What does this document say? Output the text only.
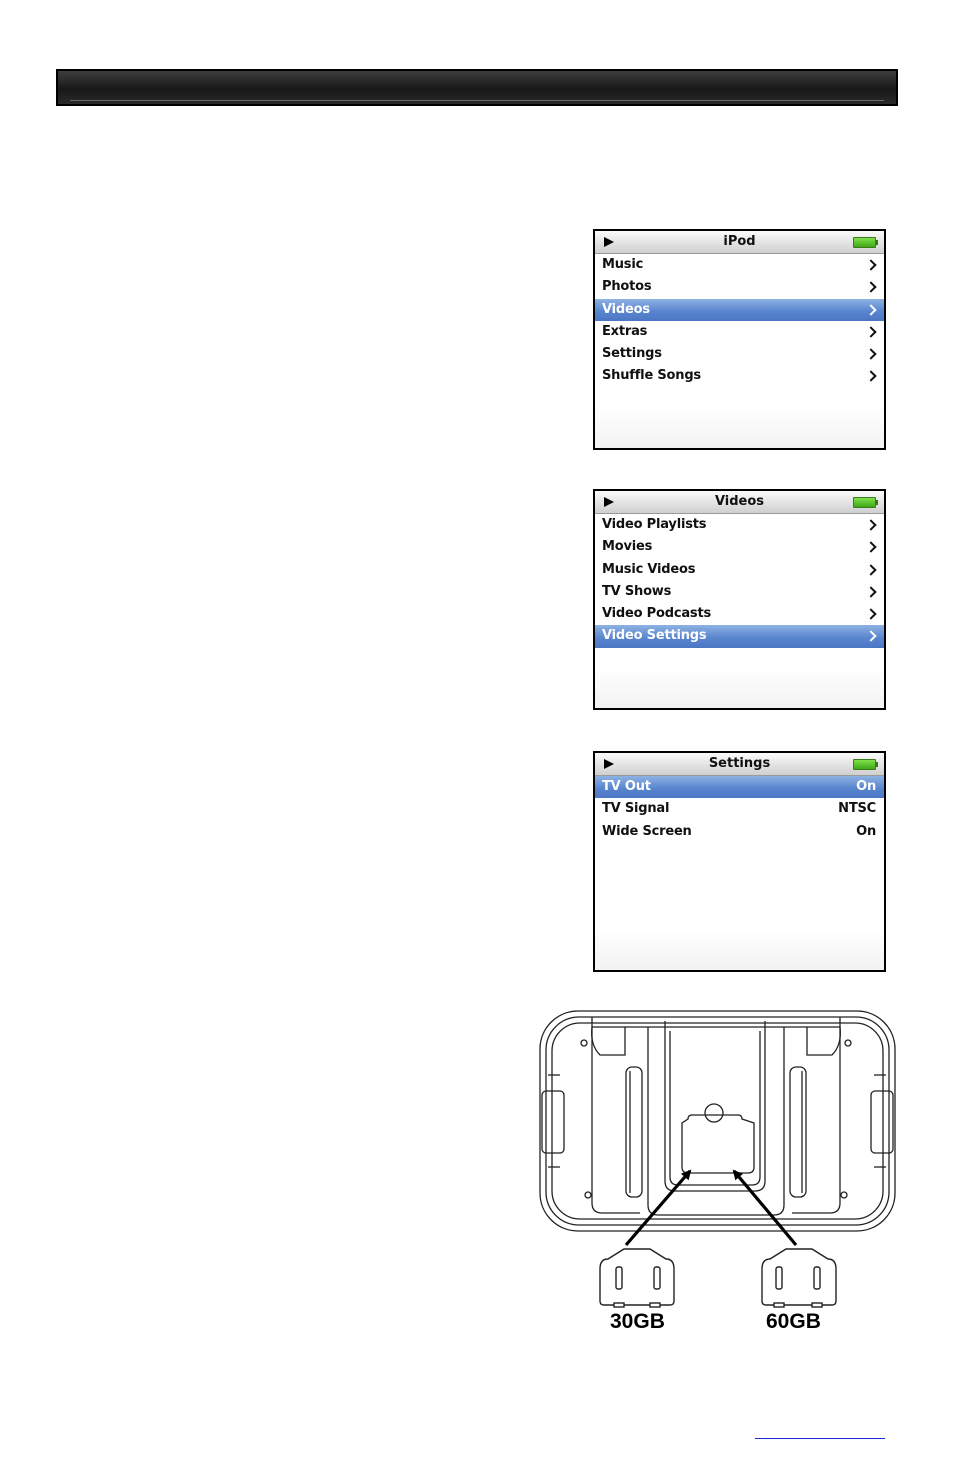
iPod
Music
Photos
Videos
Extras
Settings
Shuffle Songs
Videos
Video Playlists
Movies
Music Videos
TV Shows
Video Podcasts
Video Settings
Settings
TV Out	On
TV Signal	NTSC
Wide Screen	On
30GB	60GB
